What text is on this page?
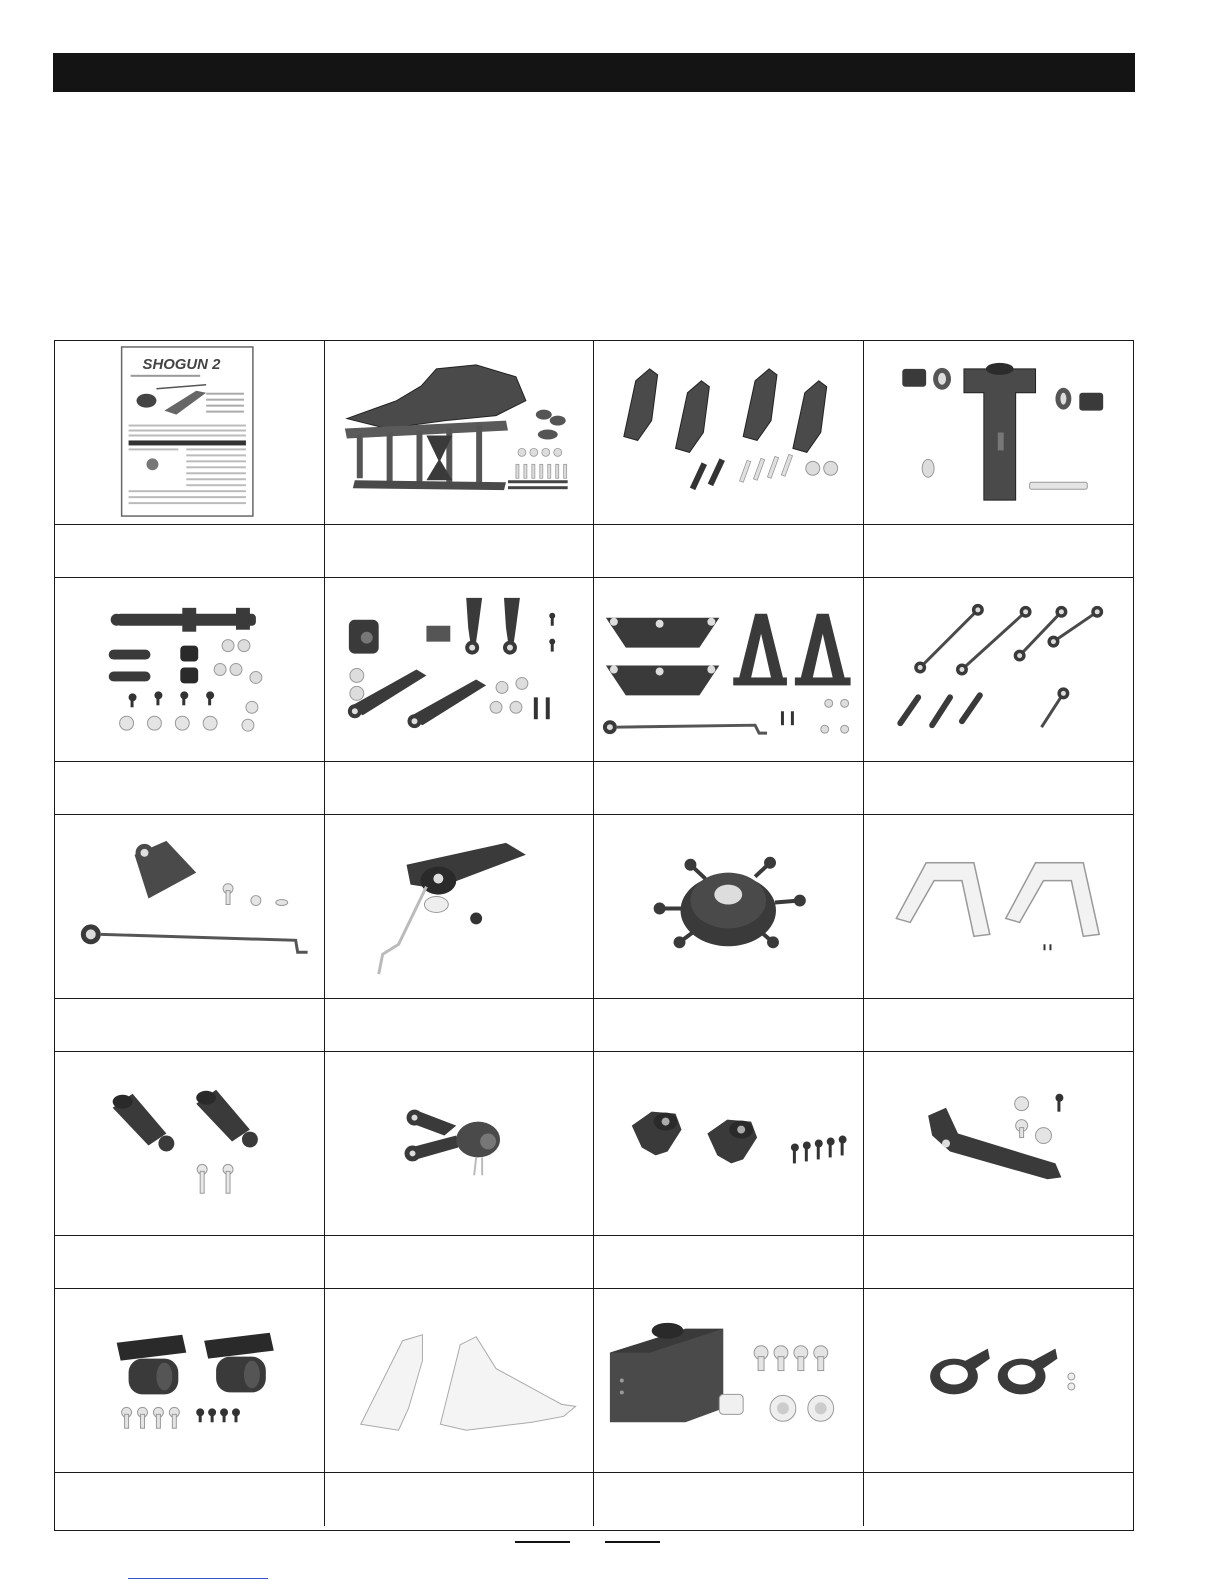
SHOGUN 2
